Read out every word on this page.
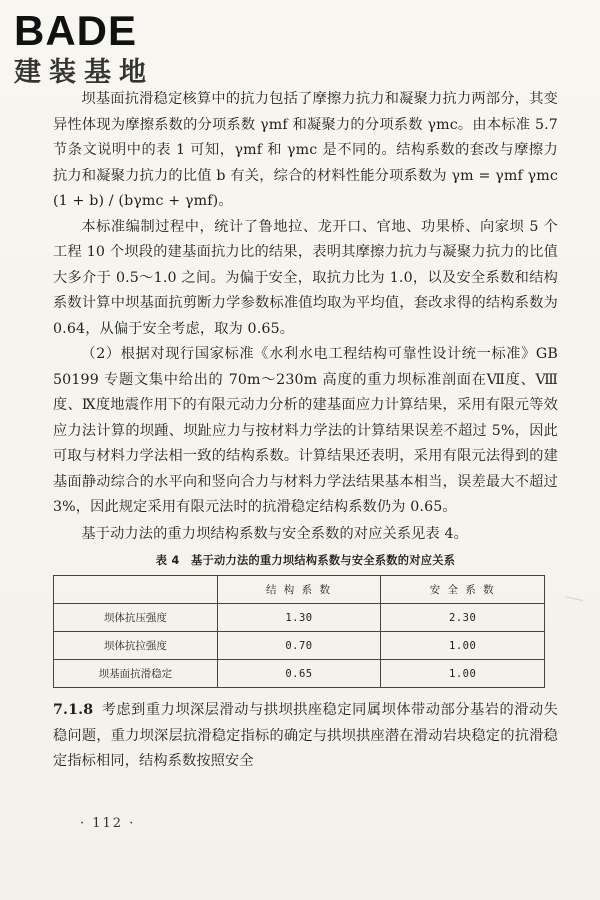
BADE
建装基地

坝基面抗滑稳定核算中的抗力包括了摩擦力抗力和凝聚力抗力两部分，其变异性体现为摩擦系数的分项系数 γmf 和凝聚力的分项系数 γmc。由本标准 5.7 节条文说明中的表 1 可知，γmf 和 γmc 是不同的。结构系数的套改与摩擦力抗力和凝聚力抗力的比值 b 有关，综合的材料性能分项系数为 γm = γmf γmc (1 + b) / (bγmc + γmf)。

本标准编制过程中，统计了鲁地拉、龙开口、官地、功果桥、向家坝 5 个工程 10 个坝段的建基面抗力比的结果，表明其摩擦力抗力与凝聚力抗力的比值大多介于 0.5～1.0 之间。为偏于安全，取抗力比为 1.0，以及安全系数和结构系数计算中坝基面抗剪断力学参数标准值均取为平均值，套改求得的结构系数为 0.64，从偏于安全考虑，取为 0.65。

（2）根据对现行国家标准《水利水电工程结构可靠性设计统一标准》GB 50199 专题文集中给出的 70m～230m 高度的重力坝标准剖面在Ⅶ度、Ⅷ度、Ⅸ度地震作用下的有限元动力分析的建基面应力计算结果，采用有限元等效应力法计算的坝踵、坝趾应力与按材料力学法的计算结果误差不超过 5%，因此可取与材料力学法相一致的结构系数。计算结果还表明，采用有限元法得到的建基面静动综合的水平向和竖向合力与材料力学法结果基本相当，误差最大不超过 3%，因此规定采用有限元法时的抗滑稳定结构系数仍为 0.65。

基于动力法的重力坝结构系数与安全系数的对应关系见表 4。

表 4　基于动力法的重力坝结构系数与安全系数的对应关系
	结 构 系 数	安 全 系 数
坝体抗压强度	1.30	2.30
坝体抗拉强度	0.70	1.00
坝基面抗滑稳定	0.65	1.00
7.1.8 考虑到重力坝深层滑动与拱坝拱座稳定同属坝体带动部分基岩的滑动失稳问题，重力坝深层抗滑稳定指标的确定与拱坝拱座潜在滑动岩块稳定的抗滑稳定指标相同，结构系数按照安全
· 112 ·
